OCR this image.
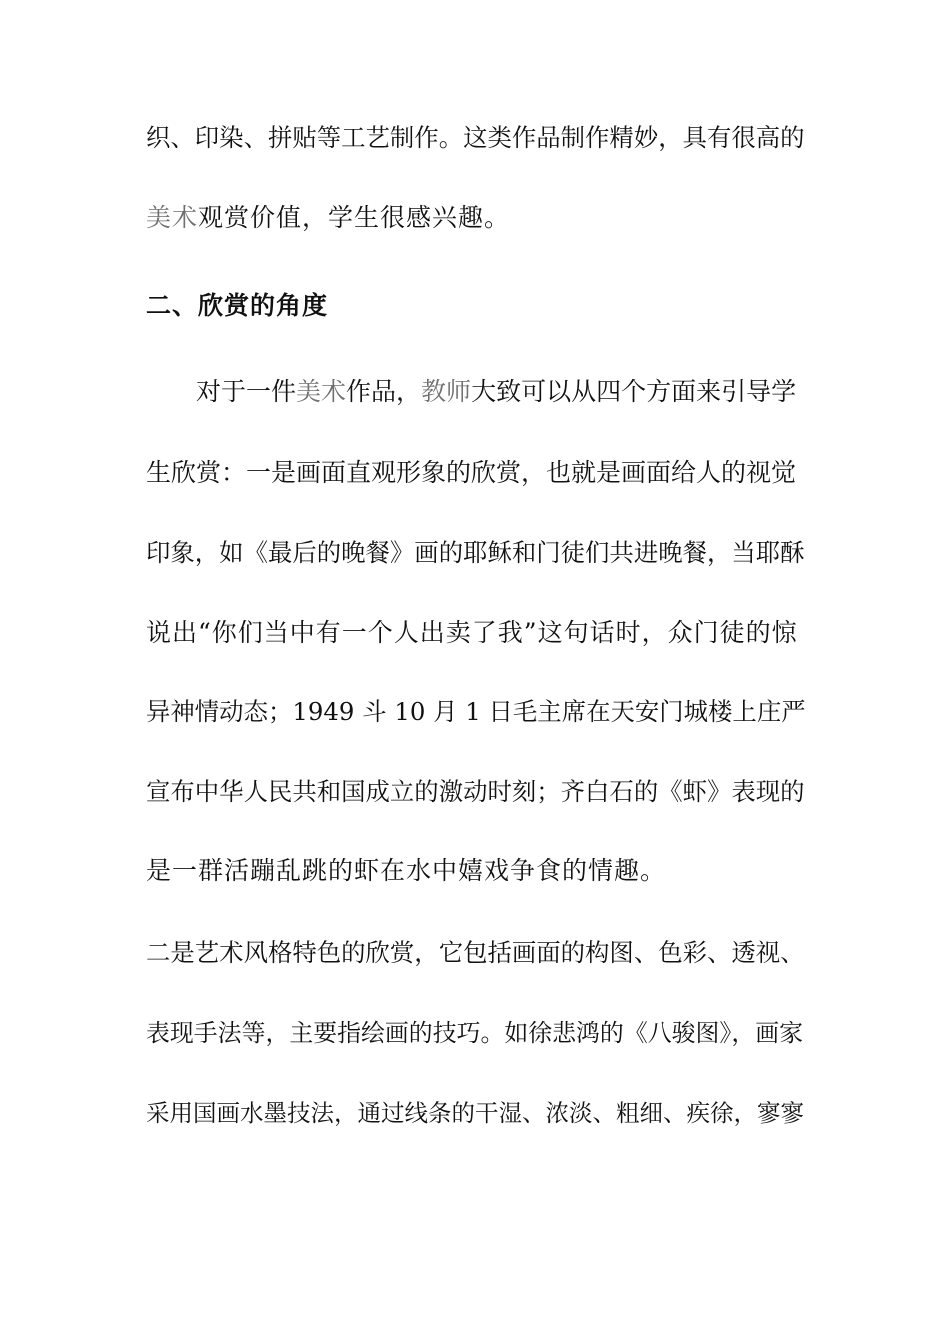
织、印染、拼贴等工艺制作。这类作品制作精妙，具有很高的
美术观赏价值，学生很感兴趣。
二、欣赏的角度
对于一件美术作品，教师大致可以从四个方面来引导学
生欣赏：一是画面直观形象的欣赏，也就是画面给人的视觉
印象，如《最后的晚餐》画的耶稣和门徒们共进晚餐，当耶酥
说出“你们当中有一个人出卖了我”这句话时，众门徒的惊
异神情动态；1949 斗 10 月 1 日毛主席在天安门城楼上庄严
宣布中华人民共和国成立的激动时刻；齐白石的《虾》表现的
是一群活蹦乱跳的虾在水中嬉戏争食的情趣。
二是艺术风格特色的欣赏，它包括画面的构图、色彩、透视、
表现手法等，主要指绘画的技巧。如徐悲鸿的《八骏图》，画家
采用国画水墨技法，通过线条的干湿、浓淡、粗细、疾徐，寥寥
